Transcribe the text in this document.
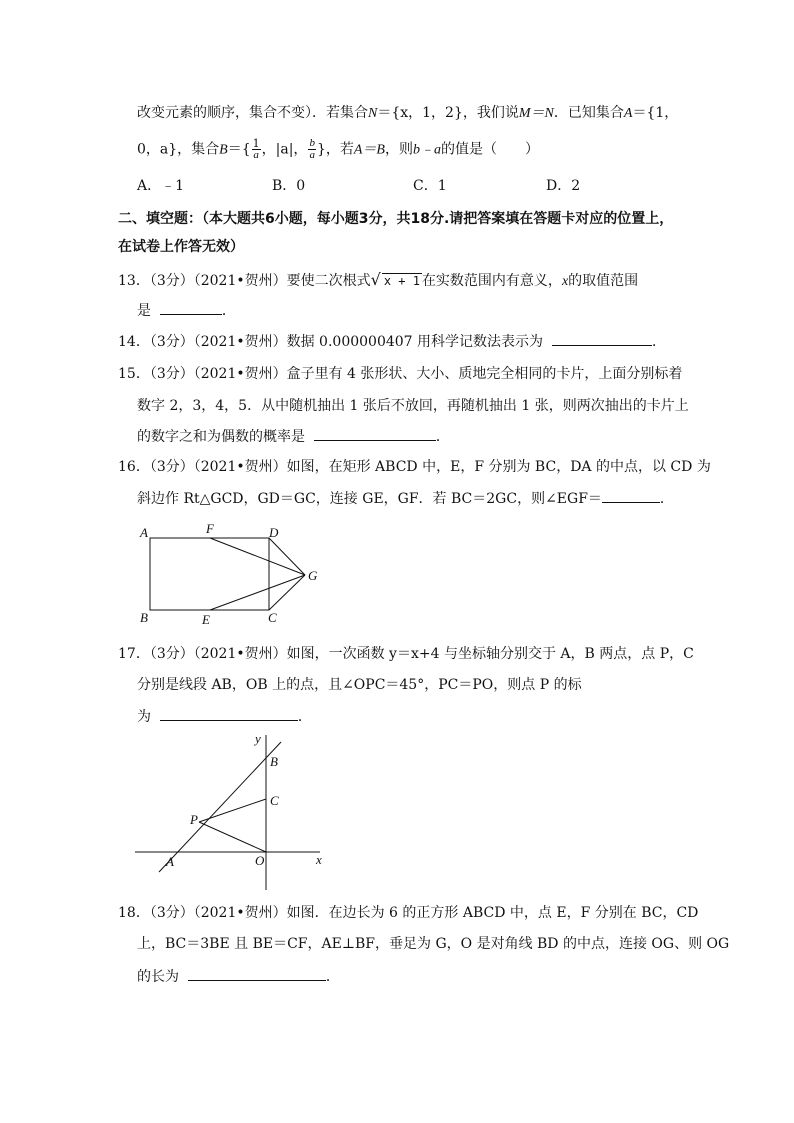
改变元素的顺序，集合不变）．若集合N＝{x，1，2}，我们说M＝N．已知集合A＝{1，
0，a}，集合$B=\{ \frac{1}{a}$ ，|a|， $\frac{b}{a}$ }，若A＝B，则b﹣a的值是（　　）
A．﹣1	B．0	C．1	D．2
二、填空题：（本大题共6小题，每小题3分，共18分.请把答案填在答题卡对应的位置上，
在试卷上作答无效）
13．（3分）（2021•贺州）要使二次根式√ x + 1 在实数范围内有意义，x的取值范围
是	．
14．（3分）（2021•贺州）数据 0.000000407 用科学记数法表示为	．
15．（3分）（2021•贺州）盒子里有 4 张形状、大小、质地完全相同的卡片，上面分别标着
数字 2，3，4，5．从中随机抽出 1 张后不放回，再随机抽出 1 张，则两次抽出的卡片上
的数字之和为偶数的概率是	．
16．（3分）（2021•贺州）如图，在矩形 ABCD 中，E，F 分别为 BC，DA 的中点，以 CD 为
斜边作 Rt△GCD，GD＝GC，连接 GE，GF．若 BC＝2GC，则∠EGF＝	．
A	F	D
G
B	E	C
17．（3分）（2021•贺州）如图，一次函数 y＝x+4 与坐标轴分别交于 A，B 两点，点 P，C
分别是线段 AB，OB 上的点，且∠OPC＝45°，PC＝PO，则点 P 的标
为	．
y
B
C
P
A	O	x
18．（3分）（2021•贺州）如图．在边长为 6 的正方形 ABCD 中，点 E，F 分别在 BC，CD
上，BC＝3BE 且 BE＝CF，AE⊥BF，垂足为 G，O 是对角线 BD 的中点，连接 OG、则 OG
的长为	．
